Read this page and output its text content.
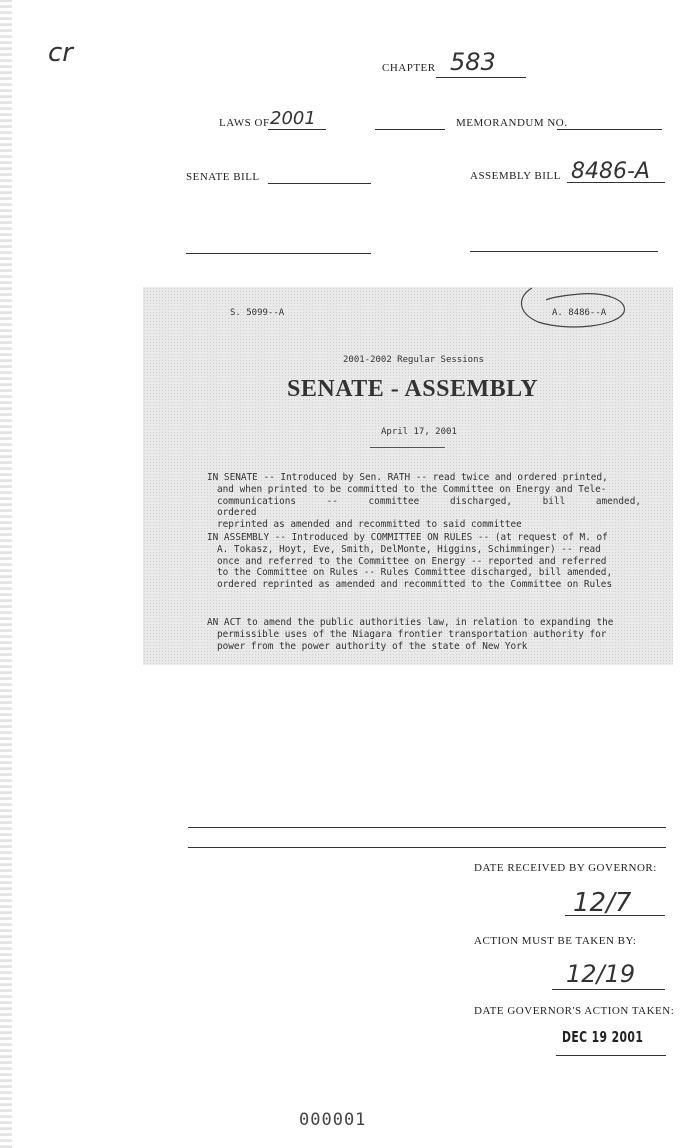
cr	CHAPTER 583
LAWS OF 2001	MEMORANDUM NO.
SENATE BILL	ASSEMBLY BILL 8486-A
S. 5099--A	A. 8486--A
2001-2002 Regular Sessions
SENATE - ASSEMBLY
April 17, 2001
IN SENATE -- Introduced by Sen. RATH -- read twice and ordered printed,
and when printed to be committed to the Committee on Energy and Tele-
communications -- committee discharged, bill amended, ordered
reprinted as amended and recommitted to said committee
IN ASSEMBLY -- Introduced by COMMITTEE ON RULES -- (at request of M. of
A. Tokasz, Hoyt, Eve, Smith, DelMonte, Higgins, Schimminger) -- read
once and referred to the Committee on Energy -- reported and referred
to the Committee on Rules -- Rules Committee discharged, bill amended,
ordered reprinted as amended and recommitted to the Committee on Rules
AN ACT to amend the public authorities law, in relation to expanding the
permissible uses of the Niagara frontier transportation authority for
power from the power authority of the state of New York
DATE RECEIVED BY GOVERNOR:
12/7
ACTION MUST BE TAKEN BY:
12/19
DATE GOVERNOR'S ACTION TAKEN:
DEC 19 2001
000001
